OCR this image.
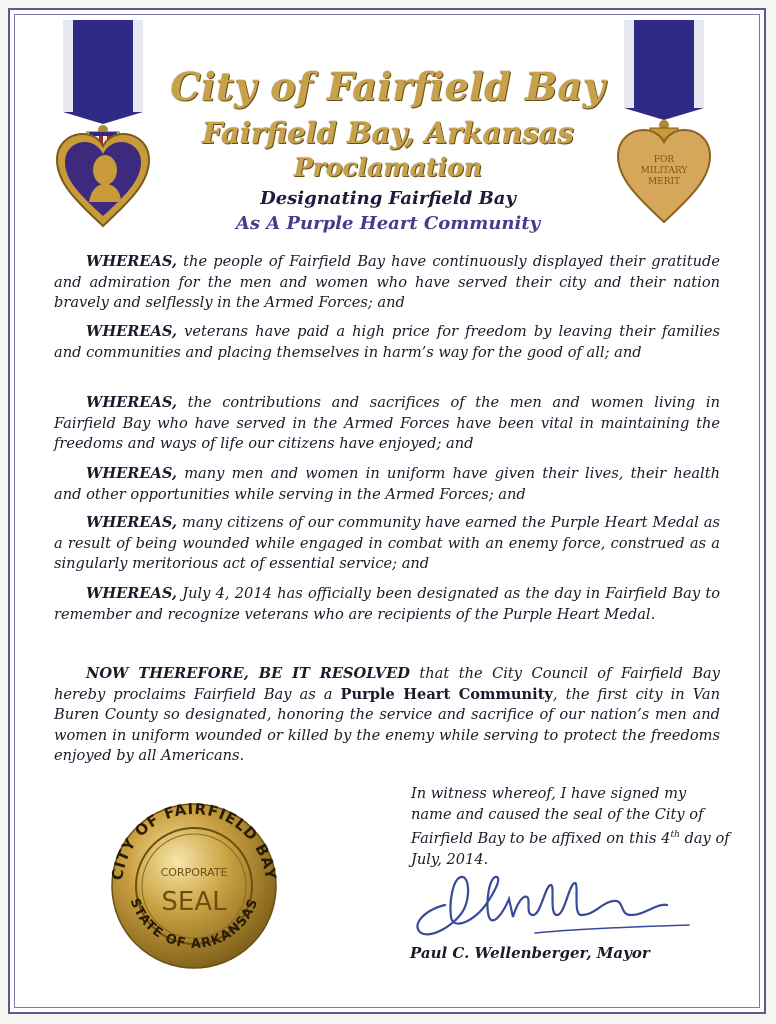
FOR
MILITARY
MERIT
City of Fairfield Bay
Fairfield Bay, Arkansas
Proclamation
Designating Fairfield Bay
As A Purple Heart Community

WHEREAS, the people of Fairfield Bay have continuously displayed their gratitude and admiration for the men and women who have served their city and their nation bravely and selflessly in the Armed Forces; and

WHEREAS, veterans have paid a high price for freedom by leaving their families and communities and placing themselves in harm’s way for the good of all; and

WHEREAS, the contributions and sacrifices of the men and women living in Fairfield Bay who have served in the Armed Forces have been vital in maintaining the freedoms and ways of life our citizens have enjoyed; and

WHEREAS, many men and women in uniform have given their lives, their health and other opportunities while serving in the Armed Forces; and

WHEREAS, many citizens of our community have earned the Purple Heart Medal as a result of being wounded while engaged in combat with an enemy force, construed as a singularly meritorious act of essential service; and

WHEREAS, July 4, 2014 has officially been designated as the day in Fairfield Bay to remember and recognize veterans who are recipients of the Purple Heart Medal.

NOW THEREFORE, BE IT RESOLVED that the City Council of Fairfield Bay hereby proclaims Fairfield Bay as a Purple Heart Community, the first city in Van Buren County so designated, honoring the service and sacrifice of our nation’s men and women in uniform wounded or killed by the enemy while serving to protect the freedoms enjoyed by all Americans.

In witness whereof, I have signed my name and caused the seal of the City of Fairfield Bay to be affixed on this 4th day of July, 2014.

CITY OF FAIRFIELD BAY
STATE OF ARKANSAS
CORPORATE
SEAL
Wellenberger

Paul C. Wellenberger, Mayor
